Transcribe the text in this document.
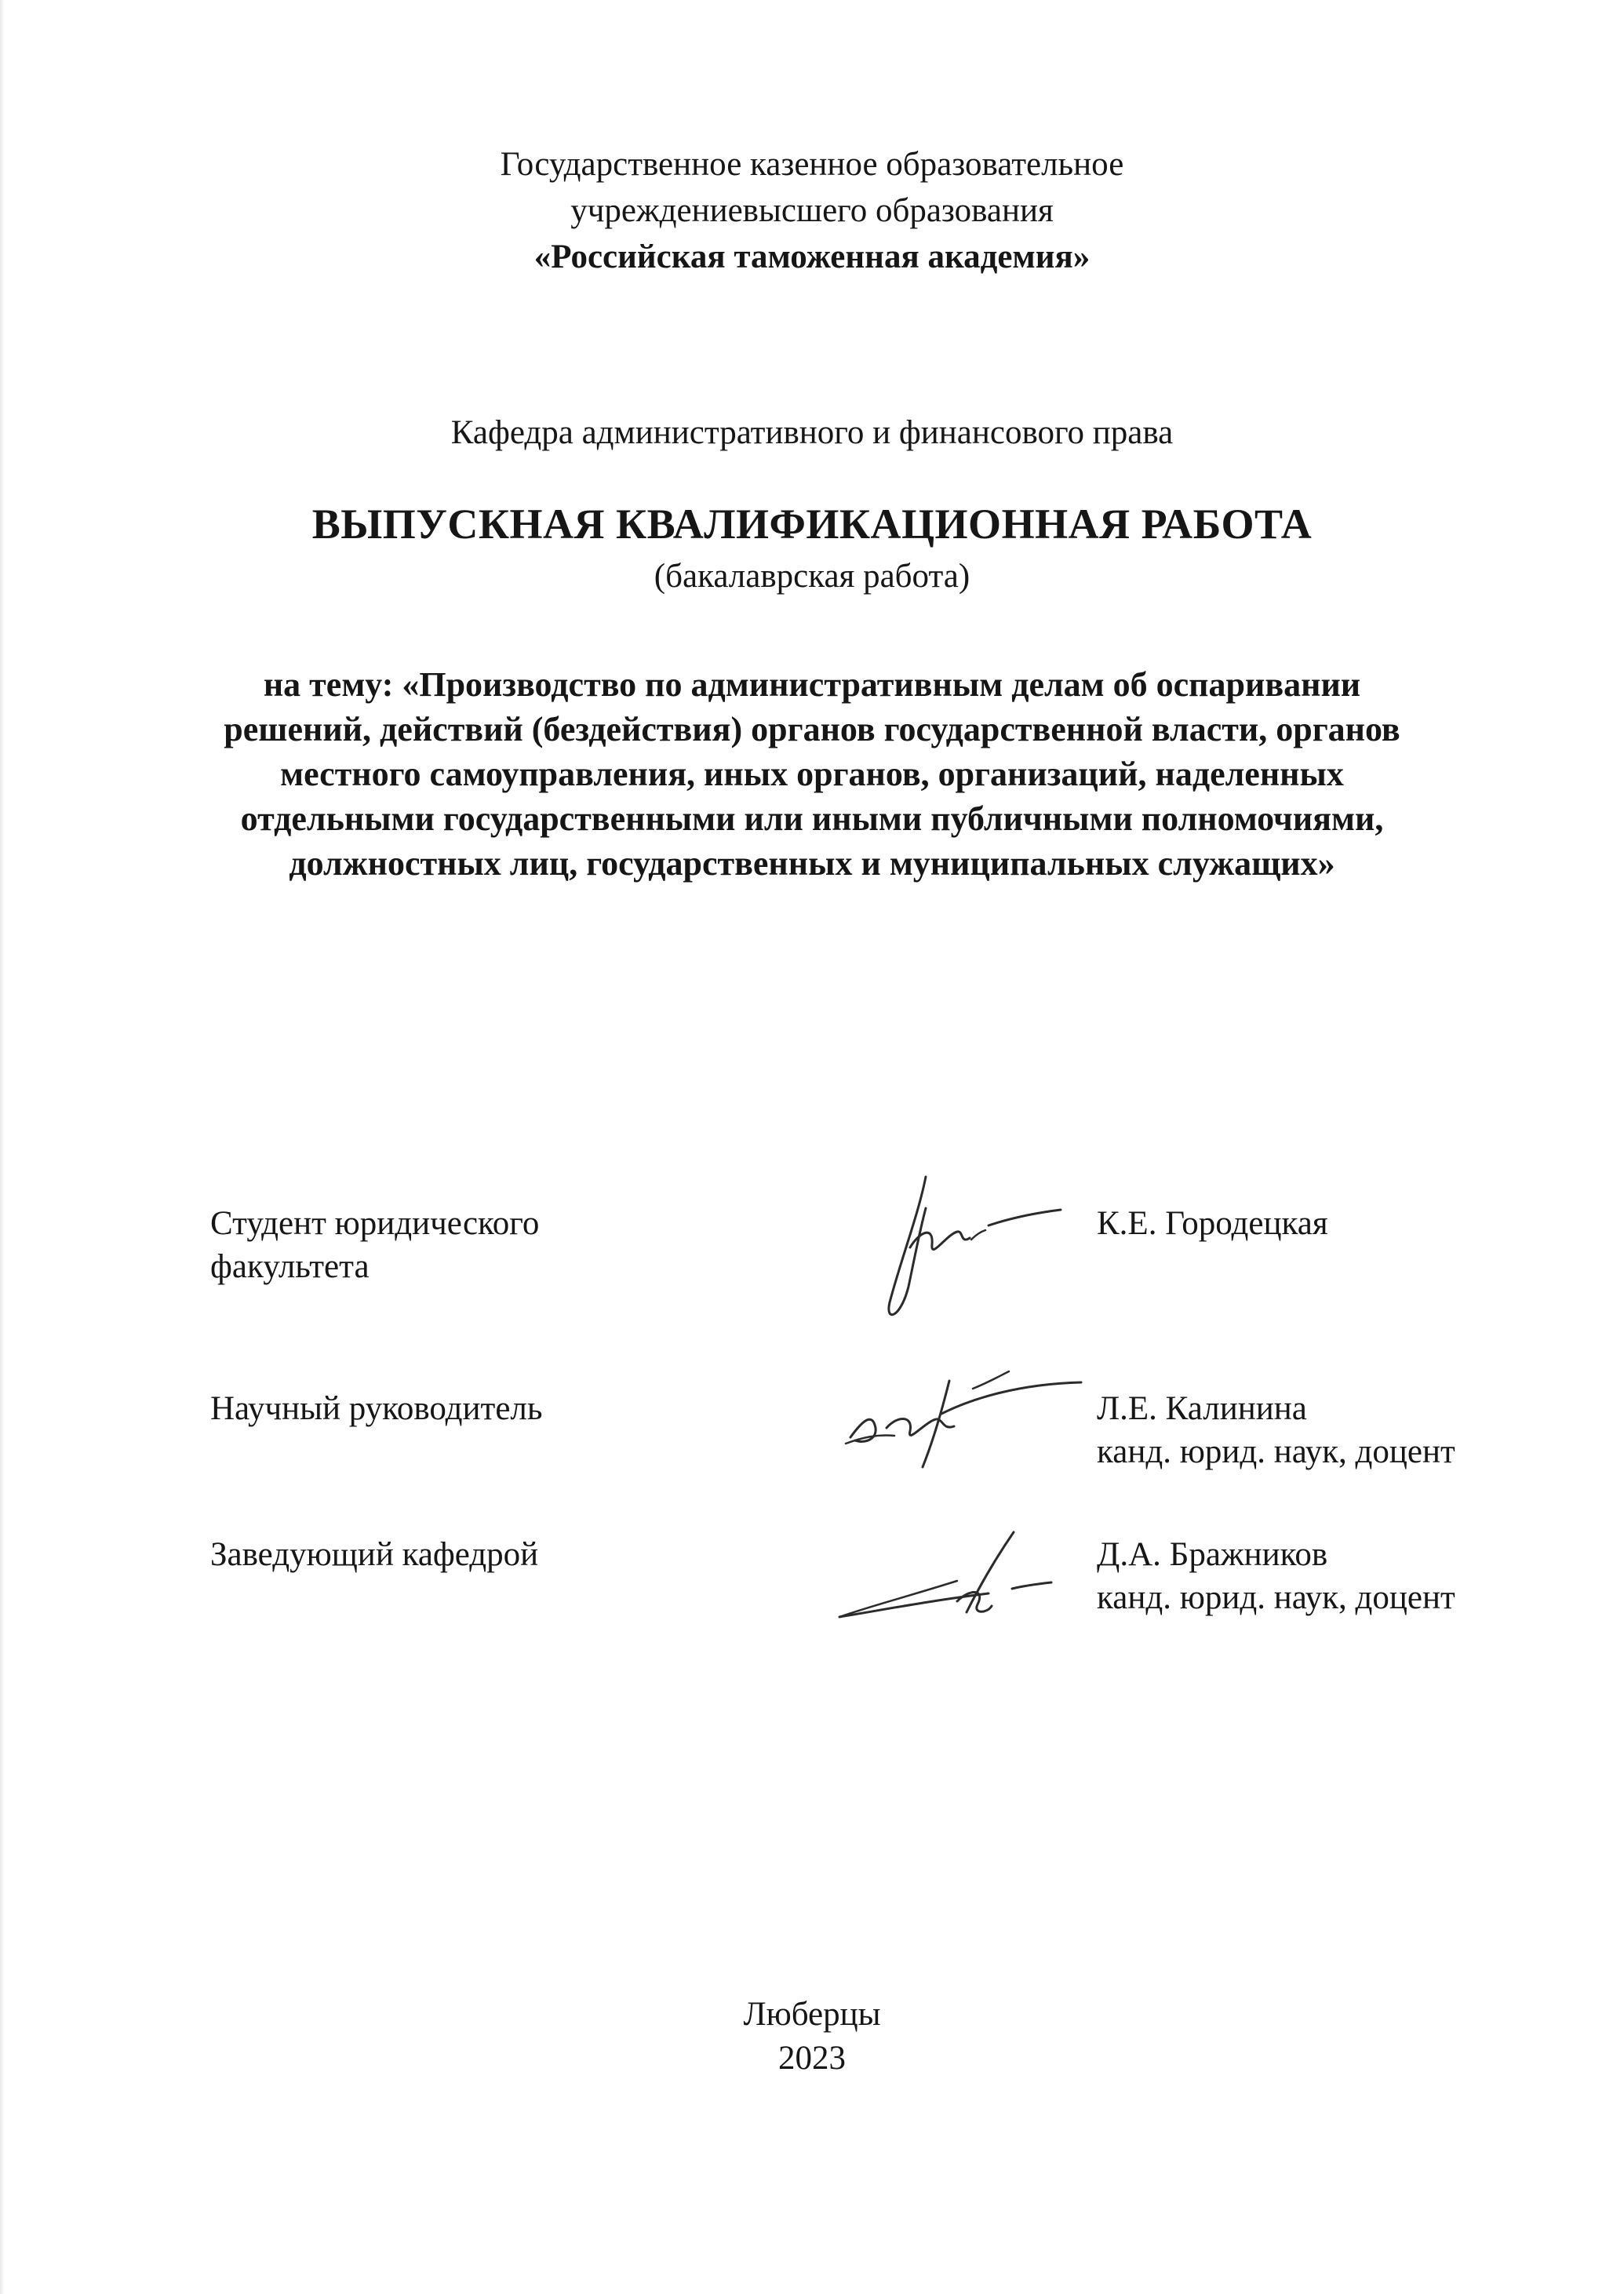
Государственное казенное образовательное
учреждениевысшего образования
«Российская таможенная академия»
Кафедра административного и финансового права
ВЫПУСКНАЯ КВАЛИФИКАЦИОННАЯ РАБОТА
(бакалаврская работа)
на тему: «Производство по административным делам об оспаривании
решений, действий (бездействия) органов государственной власти, органов
местного самоуправления, иных органов, организаций, наделенных
отдельными государственными или иными публичными полномочиями,
должностных лиц, государственных и муниципальных служащих»
Студент юридического
факультета
К.Е. Городецкая
Научный руководитель	Л.Е. Калинина
канд. юрид. наук, доцент
Заведующий кафедрой	Д.А. Бражников
канд. юрид. наук, доцент
Люберцы
2023
